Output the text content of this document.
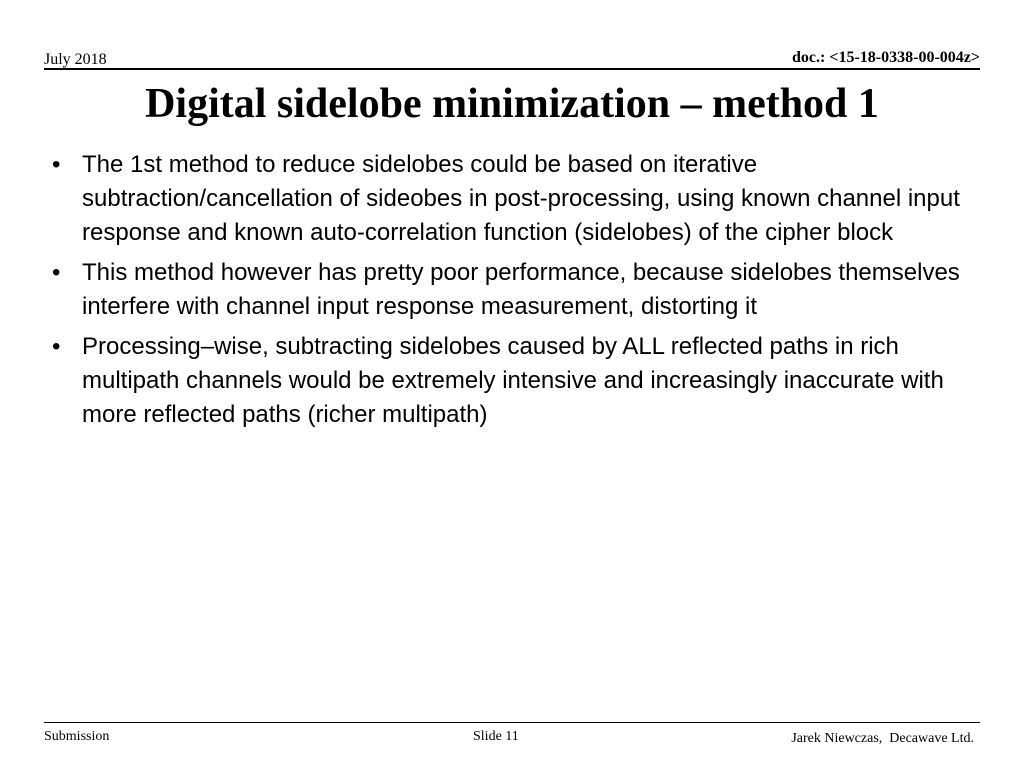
July 2018	doc.: <15-18-0338-00-004z>
Digital sidelobe minimization – method 1
• The 1st method to reduce sidelobes could be based on iterative subtraction/cancellation of sideobes in post-processing, using known channel input response and known auto-correlation function (sidelobes) of the cipher block
• This method however has pretty poor performance, because sidelobes themselves interfere with channel input response measurement, distorting it
• Processing–wise, subtracting sidelobes caused by ALL reflected paths in rich multipath channels would be extremely intensive and increasingly inaccurate with more reflected paths (richer multipath)
Submission	Slide 11	Jarek Niewczas,  Decawave Ltd.
